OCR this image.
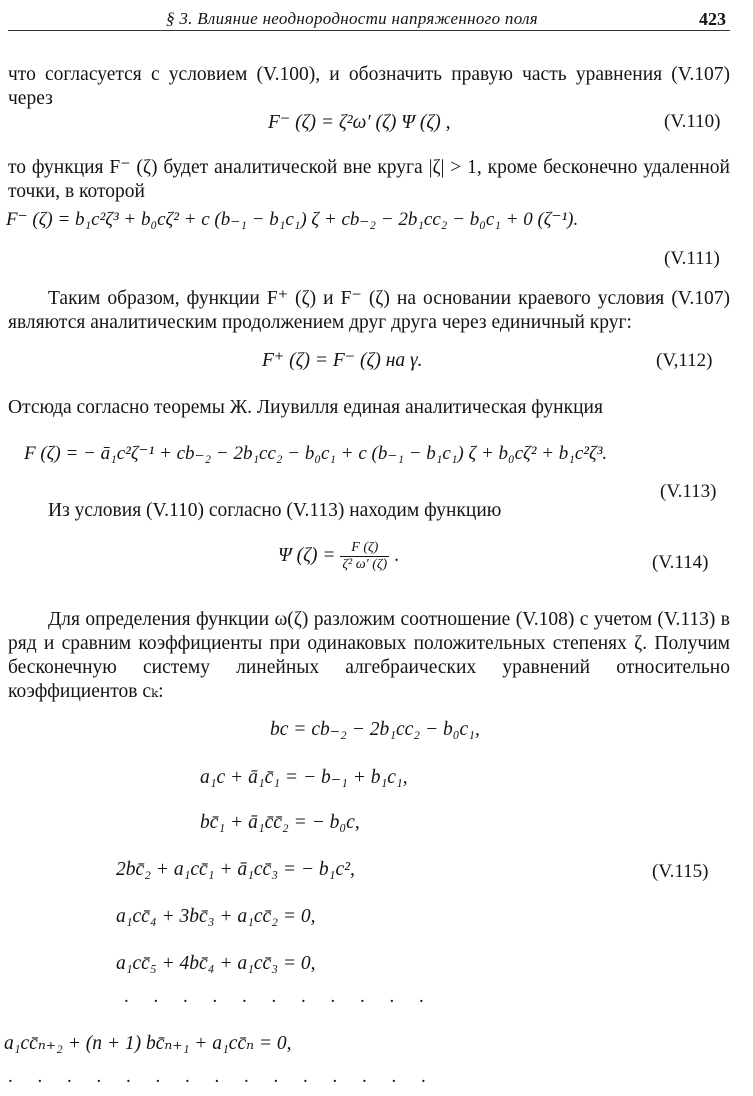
§ 3. Влияние неоднородности напряженного поля	423
что согласуется с условием (V.100), и обозначить правую часть уравнения (V.107) через
F⁻ (ζ) = ζ²ω′ (ζ) Ψ (ζ) ,	(V.110)
то функция F⁻ (ζ) будет аналитической вне круга |ζ| > 1, кроме бесконечно удаленной точки, в которой
F⁻ (ζ) = b₁c²ζ³ + b₀cζ² + c (b₋₁ − b₁c₁) ζ + cb₋₂ − 2b₁cc₂ − b₀c₁ + 0 (ζ⁻¹).
(V.111)
Таким образом, функции F⁺ (ζ) и F⁻ (ζ) на основании краевого условия (V.107) являются аналитическим продолжением друг друга через единичный круг:
F⁺ (ζ) = F⁻ (ζ) на γ.	(V,112)
Отсюда согласно теоремы Ж. Лиувилля единая аналитическая функция
F (ζ) = − ā₁c²ζ⁻¹ + cb₋₂ − 2b₁cc₂ − b₀c₁ + c (b₋₁ − b₁c₁) ζ + b₀cζ² + b₁c²ζ³.
(V.113)
Из условия (V.110) согласно (V.113) находим функцию
Ψ $(\zeta) = \frac{F (\zeta)}{\text{ζ² ω′ (ζ)}}$ .	(V.114)
Для определения функции ω(ζ) разложим соотношение (V.108) с учетом (V.113) в ряд и сравним коэффициенты при одинаковых положительных степенях ζ. Получим бесконечную систему линейных алгебраических уравнений относительно коэффициентов cₖ:
bc = cb₋₂ − 2b₁cc₂ − b₀c₁,
a₁c + ā₁c̄₁ = − b₋₁ + b₁c₁,
bc̄₁ + ā₁c̄c̄₂ = − b₀c,
2bc̄₂ + a₁cc̄₁ + ā₁cc̄₃ = − b₁c²,	(V.115)
a₁cc̄₄ + 3bc̄₃ + a₁cc̄₂ = 0,
a₁cc̄₅ + 4bc̄₄ + a₁cc̄₃ = 0,
. . . . . . . . . . .
a₁cc̄ₙ₊₂ + (n + 1) bc̄ₙ₊₁ + a₁cc̄ₙ = 0,
. . . . . . . . . . . . . . .
